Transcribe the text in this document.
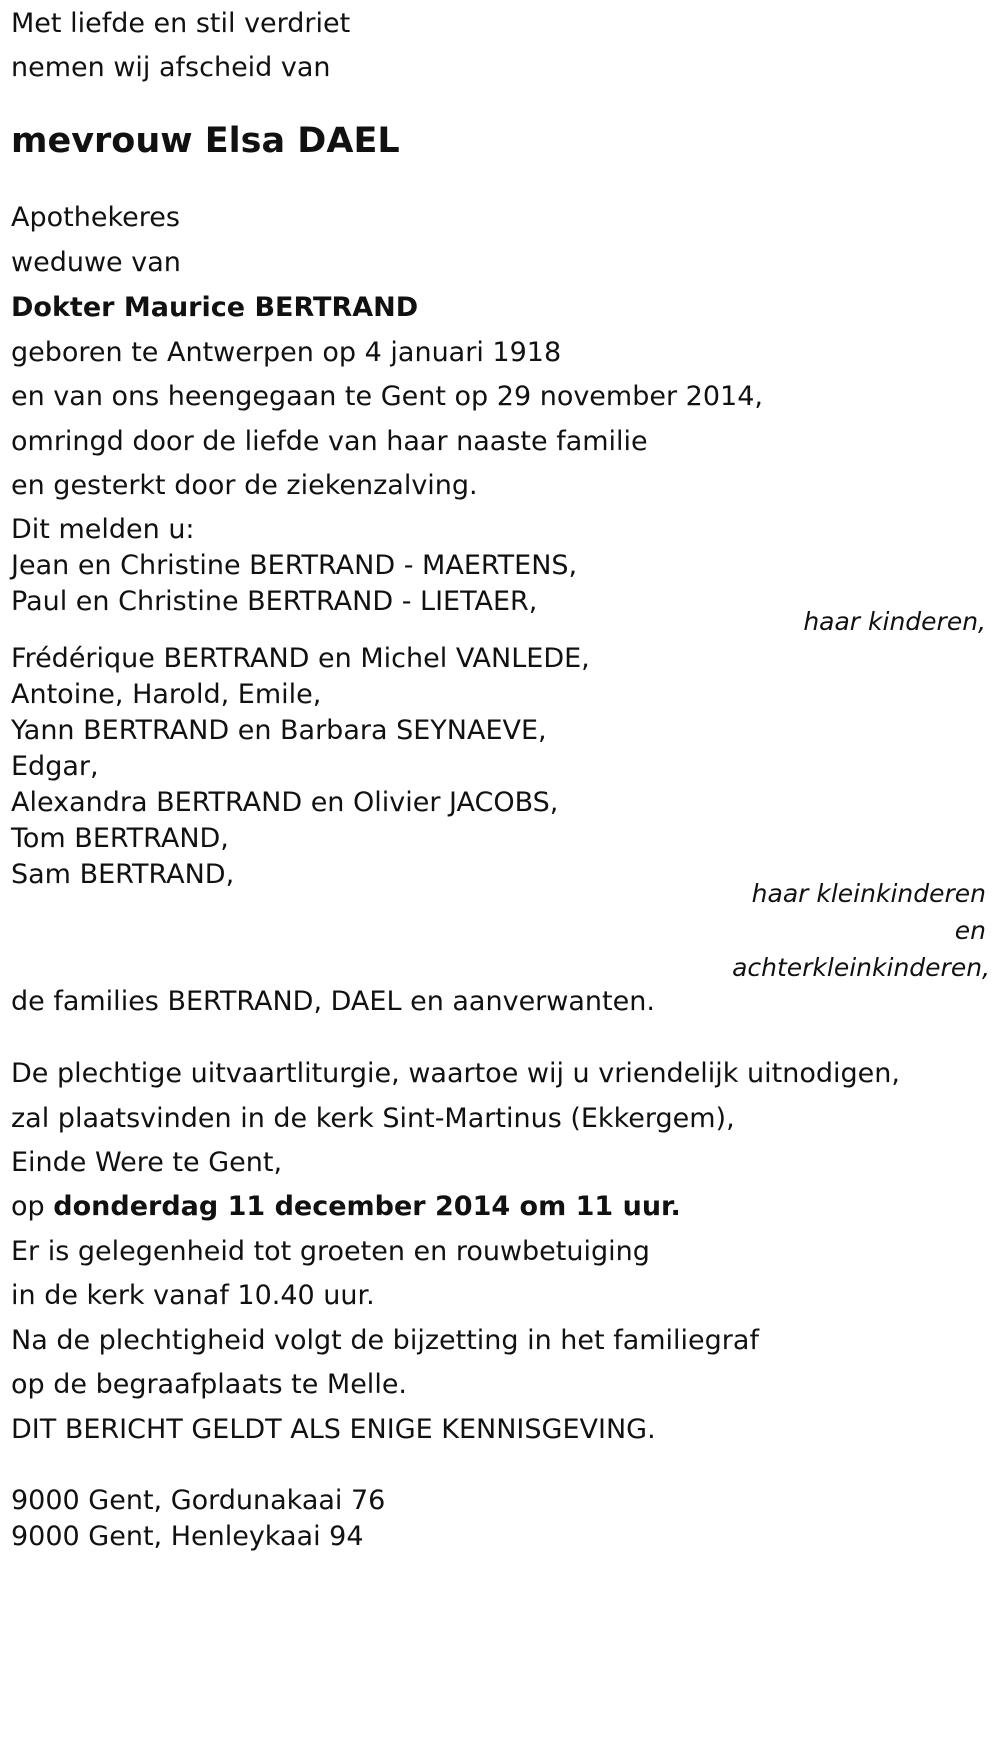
Met liefde en stil verdriet
nemen wij afscheid van
mevrouw Elsa DAEL
Apothekeres
weduwe van
Dokter Maurice BERTRAND
geboren te Antwerpen op 4 januari 1918
en van ons heengegaan te Gent op 29 november 2014,
omringd door de liefde van haar naaste familie
en gesterkt door de ziekenzalving.
Dit melden u:
Jean en Christine BERTRAND - MAERTENS,
Paul en Christine BERTRAND - LIETAER,
haar kinderen,
Frédérique BERTRAND en Michel VANLEDE,
Antoine, Harold, Emile,
Yann BERTRAND en Barbara SEYNAEVE,
Edgar,
Alexandra BERTRAND en Olivier JACOBS,
Tom BERTRAND,
Sam BERTRAND,
haar kleinkinderen
en
achterkleinkinderen,
de families BERTRAND, DAEL en aanverwanten.
De plechtige uitvaartliturgie, waartoe wij u vriendelijk uitnodigen,
zal plaatsvinden in de kerk Sint-Martinus (Ekkergem),
Einde Were te Gent,
op donderdag 11 december 2014 om 11 uur.
Er is gelegenheid tot groeten en rouwbetuiging
in de kerk vanaf 10.40 uur.
Na de plechtigheid volgt de bijzetting in het familiegraf
op de begraafplaats te Melle.
DIT BERICHT GELDT ALS ENIGE KENNISGEVING.
9000 Gent, Gordunakaai 76
9000 Gent, Henleykaai 94
